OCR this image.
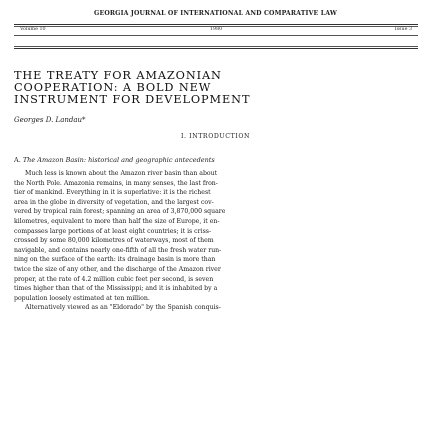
GEORGIA JOURNAL OF INTERNATIONAL AND COMPARATIVE LAW
Volume 10	1980	Issue 3
THE TREATY FOR AMAZONIAN
COOPERATION: A BOLD NEW
INSTRUMENT FOR DEVELOPMENT
Georges D. Landau*
I. INTRODUCTION
A. The Amazon Basin: historical and geographic antecedents
Much less is known about the Amazon river basin than about
the North Pole. Amazonia remains, in many senses, the last fron-
tier of mankind. Everything in it is superlative: it is the richest
area in the globe in diversity of vegetation, and the largest cov-
vered by tropical rain forest; spanning an area of 3,870,000 square
kilometres, equivalent to more than half the size of Europe, it en-
compasses large portions of at least eight countries; it is criss-
crossed by some 80,000 kilometres of waterways, most of them
navigable, and contains nearly one-fifth of all the fresh water run-
ning on the surface of the earth: its drainage basin is more than
twice the size of any other, and the discharge of the Amazon river
proper, at the rate of 4.2 million cubic feet per second, is seven
times higher than that of the Mississippi; and it is inhabited by a
population loosely estimated at ten million.
Alternatively viewed as an "Eldorado" by the Spanish conquis-
